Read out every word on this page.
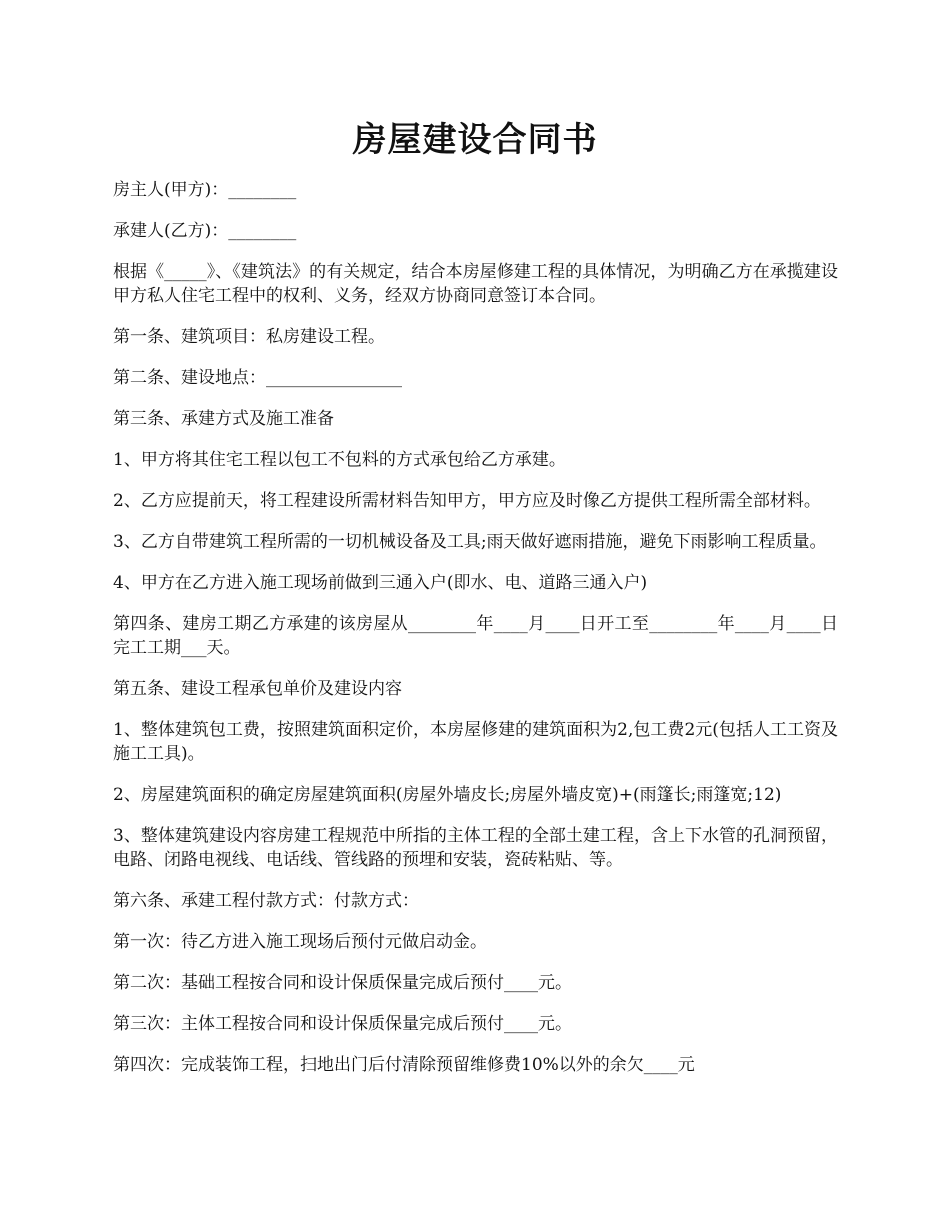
房屋建设合同书

房主人(甲方)：________

承建人(乙方)：________

根据《_____》、《建筑法》的有关规定，结合本房屋修建工程的具体情况，为明确乙方在承揽建设甲方私人住宅工程中的权利、义务，经双方协商同意签订本合同。

第一条、建筑项目：私房建设工程。

第二条、建设地点：________________

第三条、承建方式及施工准备

1、甲方将其住宅工程以包工不包料的方式承包给乙方承建。

2、乙方应提前天，将工程建设所需材料告知甲方，甲方应及时像乙方提供工程所需全部材料。

3、乙方自带建筑工程所需的一切机械设备及工具;雨天做好遮雨措施，避免下雨影响工程质量。

4、甲方在乙方进入施工现场前做到三通入户(即水、电、道路三通入户)

第四条、建房工期乙方承建的该房屋从________年____月____日开工至________年____月____日完工工期___天。

第五条、建设工程承包单价及建设内容

1、整体建筑包工费，按照建筑面积定价，本房屋修建的建筑面积为2,包工费2元(包括人工工资及施工工具)。

2、房屋建筑面积的确定房屋建筑面积(房屋外墙皮长;房屋外墙皮宽)+(雨篷长;雨篷宽;12)

3、整体建筑建设内容房建工程规范中所指的主体工程的全部土建工程，含上下水管的孔洞预留，电路、闭路电视线、电话线、管线路的预埋和安装，瓷砖粘贴、等。

第六条、承建工程付款方式：付款方式：

第一次：待乙方进入施工现场后预付元做启动金。

第二次：基础工程按合同和设计保质保量完成后预付____元。

第三次：主体工程按合同和设计保质保量完成后预付____元。

第四次：完成装饰工程，扫地出门后付清除预留维修费10%以外的余欠____元
